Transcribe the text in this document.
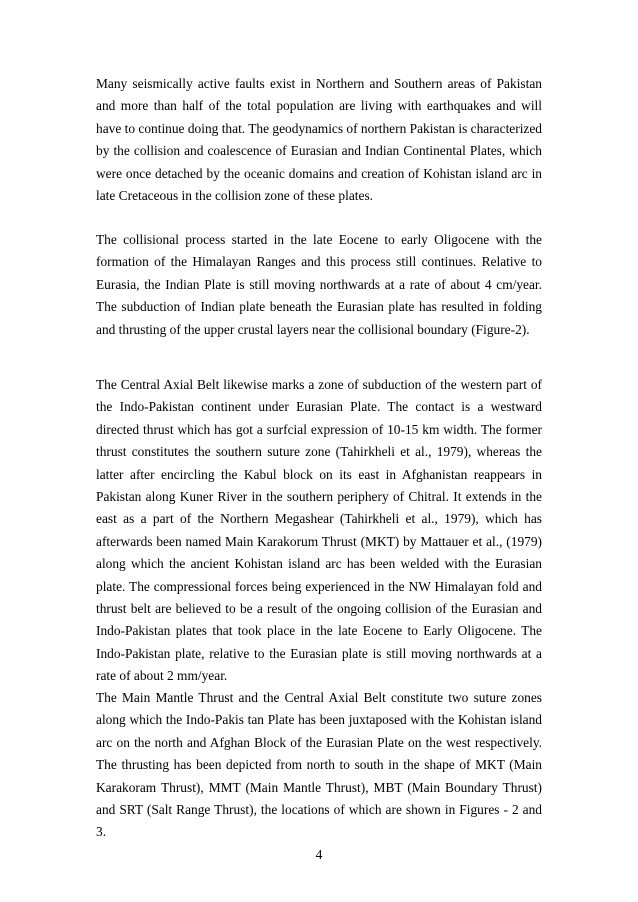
Many seismically active faults exist in Northern and Southern areas of Pakistan and more than half of the total population are living with earthquakes and will have to continue doing that. The geodynamics of northern Pakistan is characterized by the collision and coalescence of Eurasian and Indian Continental Plates, which were once detached by the oceanic domains and creation of Kohistan island arc in late Cretaceous in the collision zone of these plates.

The collisional process started in the late Eocene to early Oligocene with the formation of the Himalayan Ranges and this process still continues. Relative to Eurasia, the Indian Plate is still moving northwards at a rate of about 4 cm/year. The subduction of Indian plate beneath the Eurasian plate has resulted in folding and thrusting of the upper crustal layers near the collisional boundary (Figure-2).

The Central Axial Belt likewise marks a zone of subduction of the western part of the Indo-Pakistan continent under Eurasian Plate. The contact is a westward directed thrust which has got a surfcial expression of 10-15 km width. The former thrust constitutes the southern suture zone (Tahirkheli et al., 1979), whereas the latter after encircling the Kabul block on its east in Afghanistan reappears in Pakistan along Kuner River in the southern periphery of Chitral. It extends in the east as a part of the Northern Megashear (Tahirkheli et al., 1979), which has afterwards been named Main Karakorum Thrust (MKT) by Mattauer et al., (1979) along which the ancient Kohistan island arc has been welded with the Eurasian plate. The compressional forces being experienced in the NW Himalayan fold and thrust belt are believed to be a result of the ongoing collision of the Eurasian and Indo-Pakistan plates that took place in the late Eocene to Early Oligocene. The Indo-Pakistan plate, relative to the Eurasian plate is still moving northwards at a rate of about 2 mm/year.

The Main Mantle Thrust and the Central Axial Belt constitute two suture zones along which the Indo-Pakis tan Plate has been juxtaposed with the Kohistan island arc on the north and Afghan Block of the Eurasian Plate on the west respectively. The thrusting has been depicted from north to south in the shape of MKT (Main Karakoram Thrust), MMT (Main Mantle Thrust), MBT (Main Boundary Thrust) and SRT (Salt Range Thrust), the locations of which are shown in Figures - 2 and 3.

4
